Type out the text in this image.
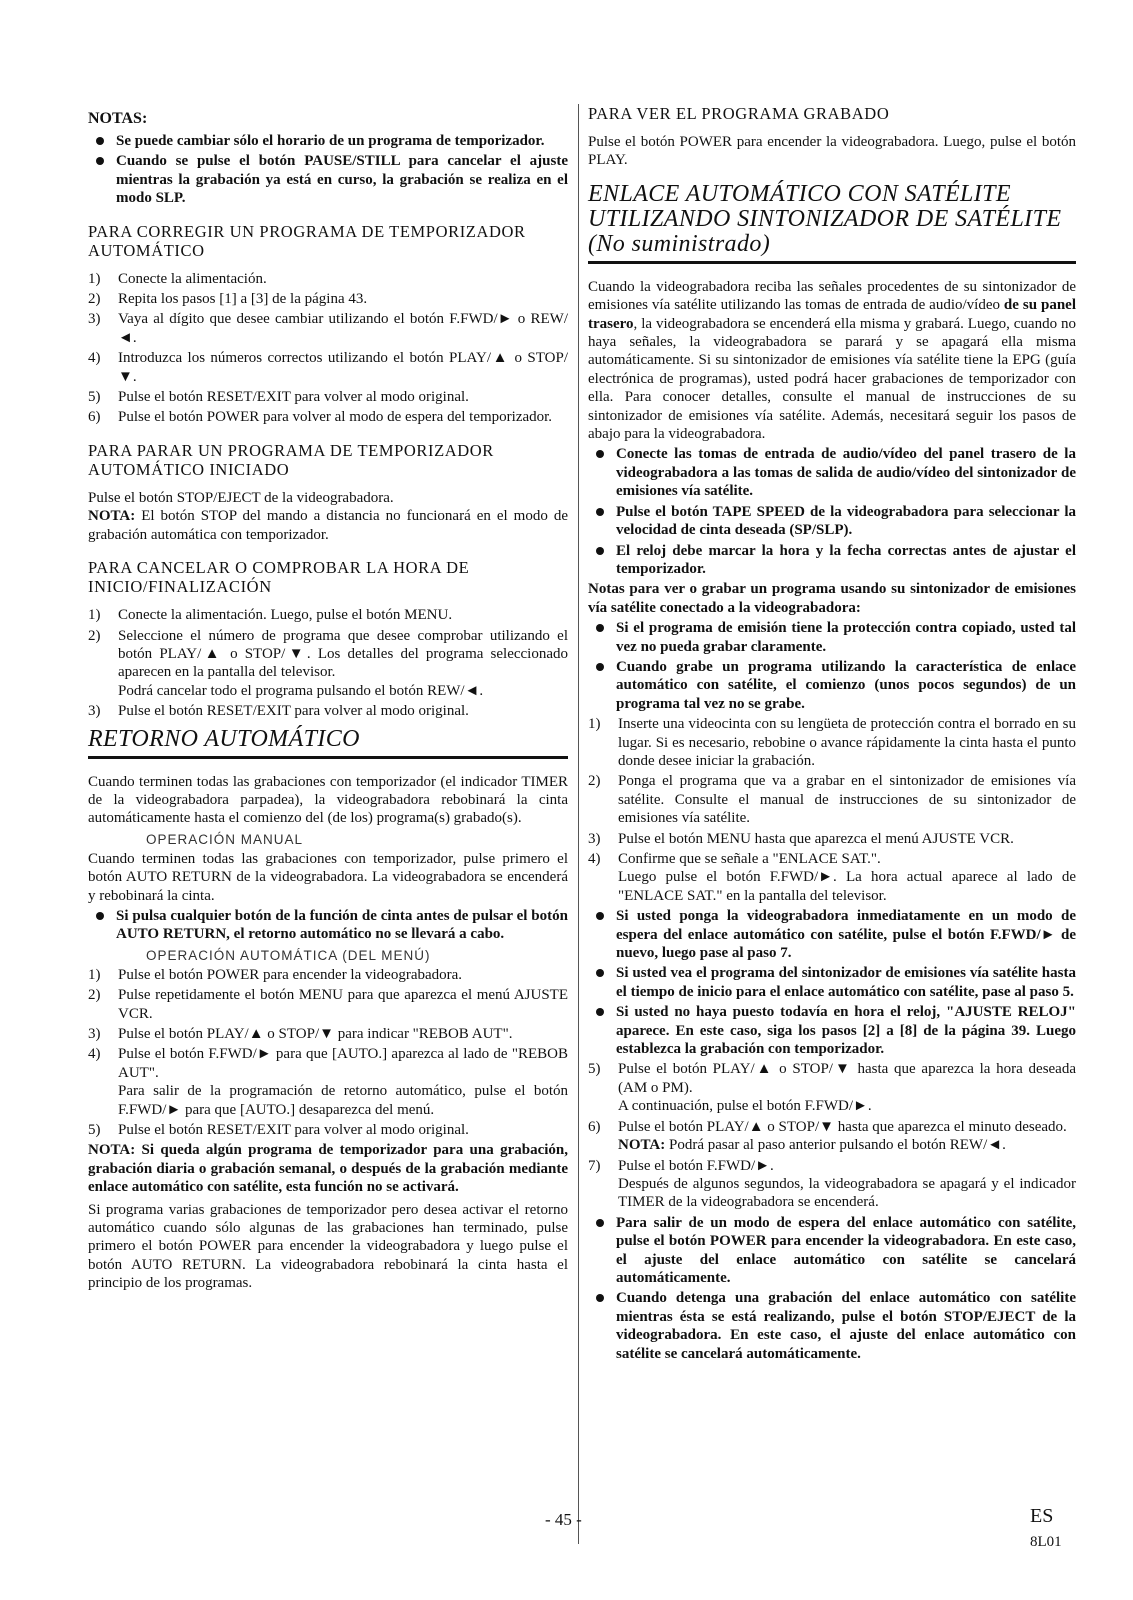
NOTAS:
Se puede cambiar sólo el horario de un programa de temporizador.
Cuando se pulse el botón PAUSE/STILL para cancelar el ajuste mientras la grabación ya está en curso, la grabación se realiza en el modo SLP.
PARA CORREGIR UN PROGRAMA DE TEMPORIZADOR AUTOMÁTICO
1) Conecte la alimentación.
2) Repita los pasos [1] a [3] de la página 43.
3) Vaya al dígito que desee cambiar utilizando el botón F.FWD/► o REW/◄.
4) Introduzca los números correctos utilizando el botón PLAY/▲ o STOP/▼.
5) Pulse el botón RESET/EXIT para volver al modo original.
6) Pulse el botón POWER para volver al modo de espera del temporizador.
PARA PARAR UN PROGRAMA DE TEMPORIZADOR AUTOMÁTICO INICIADO

Pulse el botón STOP/EJECT de la videograbadora.

NOTA: El botón STOP del mando a distancia no funcionará en el modo de grabación automática con temporizador.

PARA CANCELAR O COMPROBAR LA HORA DE INICIO/FINALIZACIÓN
1) Conecte la alimentación. Luego, pulse el botón MENU.
2) Seleccione el número de programa que desee comprobar utilizando el botón PLAY/▲ o STOP/▼. Los detalles del programa seleccionado aparecen en la pantalla del televisor.
Podrá cancelar todo el programa pulsando el botón REW/◄.
3) Pulse el botón RESET/EXIT para volver al modo original.
RETORNO AUTOMÁTICO

Cuando terminen todas las grabaciones con temporizador (el indicador TIMER de la videograbadora parpadea), la videograbadora rebobinará la cinta automáticamente hasta el comienzo del (de los) programa(s) grabado(s).

OPERACIÓN MANUAL

Cuando terminen todas las grabaciones con temporizador, pulse primero el botón AUTO RETURN de la videograbadora. La videograbadora se encenderá y rebobinará la cinta.

Si pulsa cualquier botón de la función de cinta antes de pulsar el botón AUTO RETURN, el retorno automático no se llevará a cabo.
OPERACIÓN AUTOMÁTICA (DEL MENÚ)
1) Pulse el botón POWER para encender la videograbadora.
2) Pulse repetidamente el botón MENU para que aparezca el menú AJUSTE VCR.
3) Pulse el botón PLAY/▲ o STOP/▼ para indicar "REBOB AUT".
4) Pulse el botón F.FWD/► para que [AUTO.] aparezca al lado de "REBOB AUT".
Para salir de la programación de retorno automático, pulse el botón F.FWD/► para que [AUTO.] desaparezca del menú.
5) Pulse el botón RESET/EXIT para volver al modo original.

NOTA: Si queda algún programa de temporizador para una grabación, grabación diaria o grabación semanal, o después de la grabación mediante enlace automático con satélite, esta función no se activará.

Si programa varias grabaciones de temporizador pero desea activar el retorno automático cuando sólo algunas de las grabaciones han terminado, pulse primero el botón POWER para encender la videograbadora y luego pulse el botón AUTO RETURN. La videograbadora rebobinará la cinta hasta el principio de los programas.

PARA VER EL PROGRAMA GRABADO

Pulse el botón POWER para encender la videograbadora. Luego, pulse el botón PLAY.

ENLACE AUTOMÁTICO CON SATÉLITE UTILIZANDO SINTONIZADOR DE SATÉLITE (No suministrado)

Cuando la videograbadora reciba las señales procedentes de su sintonizador de emisiones vía satélite utilizando las tomas de entrada de audio/vídeo de su panel trasero, la videograbadora se encenderá ella misma y grabará. Luego, cuando no haya señales, la videograbadora se parará y se apagará ella misma automáticamente. Si su sintonizador de emisiones vía satélite tiene la EPG (guía electrónica de programas), usted podrá hacer grabaciones de temporizador con ella. Para conocer detalles, consulte el manual de instrucciones de su sintonizador de emisiones vía satélite. Además, necesitará seguir los pasos de abajo para la videograbadora.

Conecte las tomas de entrada de audio/vídeo del panel trasero de la videograbadora a las tomas de salida de audio/vídeo del sintonizador de emisiones vía satélite.
Pulse el botón TAPE SPEED de la videograbadora para seleccionar la velocidad de cinta deseada (SP/SLP).
El reloj debe marcar la hora y la fecha correctas antes de ajustar el temporizador.

Notas para ver o grabar un programa usando su sintonizador de emisiones vía satélite conectado a la videograbadora:

Si el programa de emisión tiene la protección contra copiado, usted tal vez no pueda grabar claramente.
Cuando grabe un programa utilizando la característica de enlace automático con satélite, el comienzo (unos pocos segundos) de un programa tal vez no se grabe.
1) Inserte una videocinta con su lengüeta de protección contra el borrado en su lugar. Si es necesario, rebobine o avance rápidamente la cinta hasta el punto donde desee iniciar la grabación.
2) Ponga el programa que va a grabar en el sintonizador de emisiones vía satélite. Consulte el manual de instrucciones de su sintonizador de emisiones vía satélite.
3) Pulse el botón MENU hasta que aparezca el menú AJUSTE VCR.
4) Confirme que se señale a "ENLACE SAT.".
Luego pulse el botón F.FWD/►. La hora actual aparece al lado de "ENLACE SAT." en la pantalla del televisor.
Si usted ponga la videograbadora inmediatamente en un modo de espera del enlace automático con satélite, pulse el botón F.FWD/► de nuevo, luego pase al paso 7.
Si usted vea el programa del sintonizador de emisiones vía satélite hasta el tiempo de inicio para el enlace automático con satélite, pase al paso 5.
Si usted no haya puesto todavía en hora el reloj, "AJUSTE RELOJ" aparece. En este caso, siga los pasos [2] a [8] de la página 39. Luego establezca la grabación con temporizador.
5) Pulse el botón PLAY/▲ o STOP/▼ hasta que aparezca la hora deseada (AM o PM).
A continuación, pulse el botón F.FWD/►.
6) Pulse el botón PLAY/▲ o STOP/▼ hasta que aparezca el minuto deseado.
NOTA: Podrá pasar al paso anterior pulsando el botón REW/◄.
7) Pulse el botón F.FWD/►.
Después de algunos segundos, la videograbadora se apagará y el indicador TIMER de la videograbadora se encenderá.
Para salir de un modo de espera del enlace automático con satélite, pulse el botón POWER para encender la videograbadora. En este caso, el ajuste del enlace automático con satélite se cancelará automáticamente.
Cuando detenga una grabación del enlace automático con satélite mientras ésta se está realizando, pulse el botón STOP/EJECT de la videograbadora. En este caso, el ajuste del enlace automático con satélite se cancelará automáticamente.
- 45 -	ES
8L01
